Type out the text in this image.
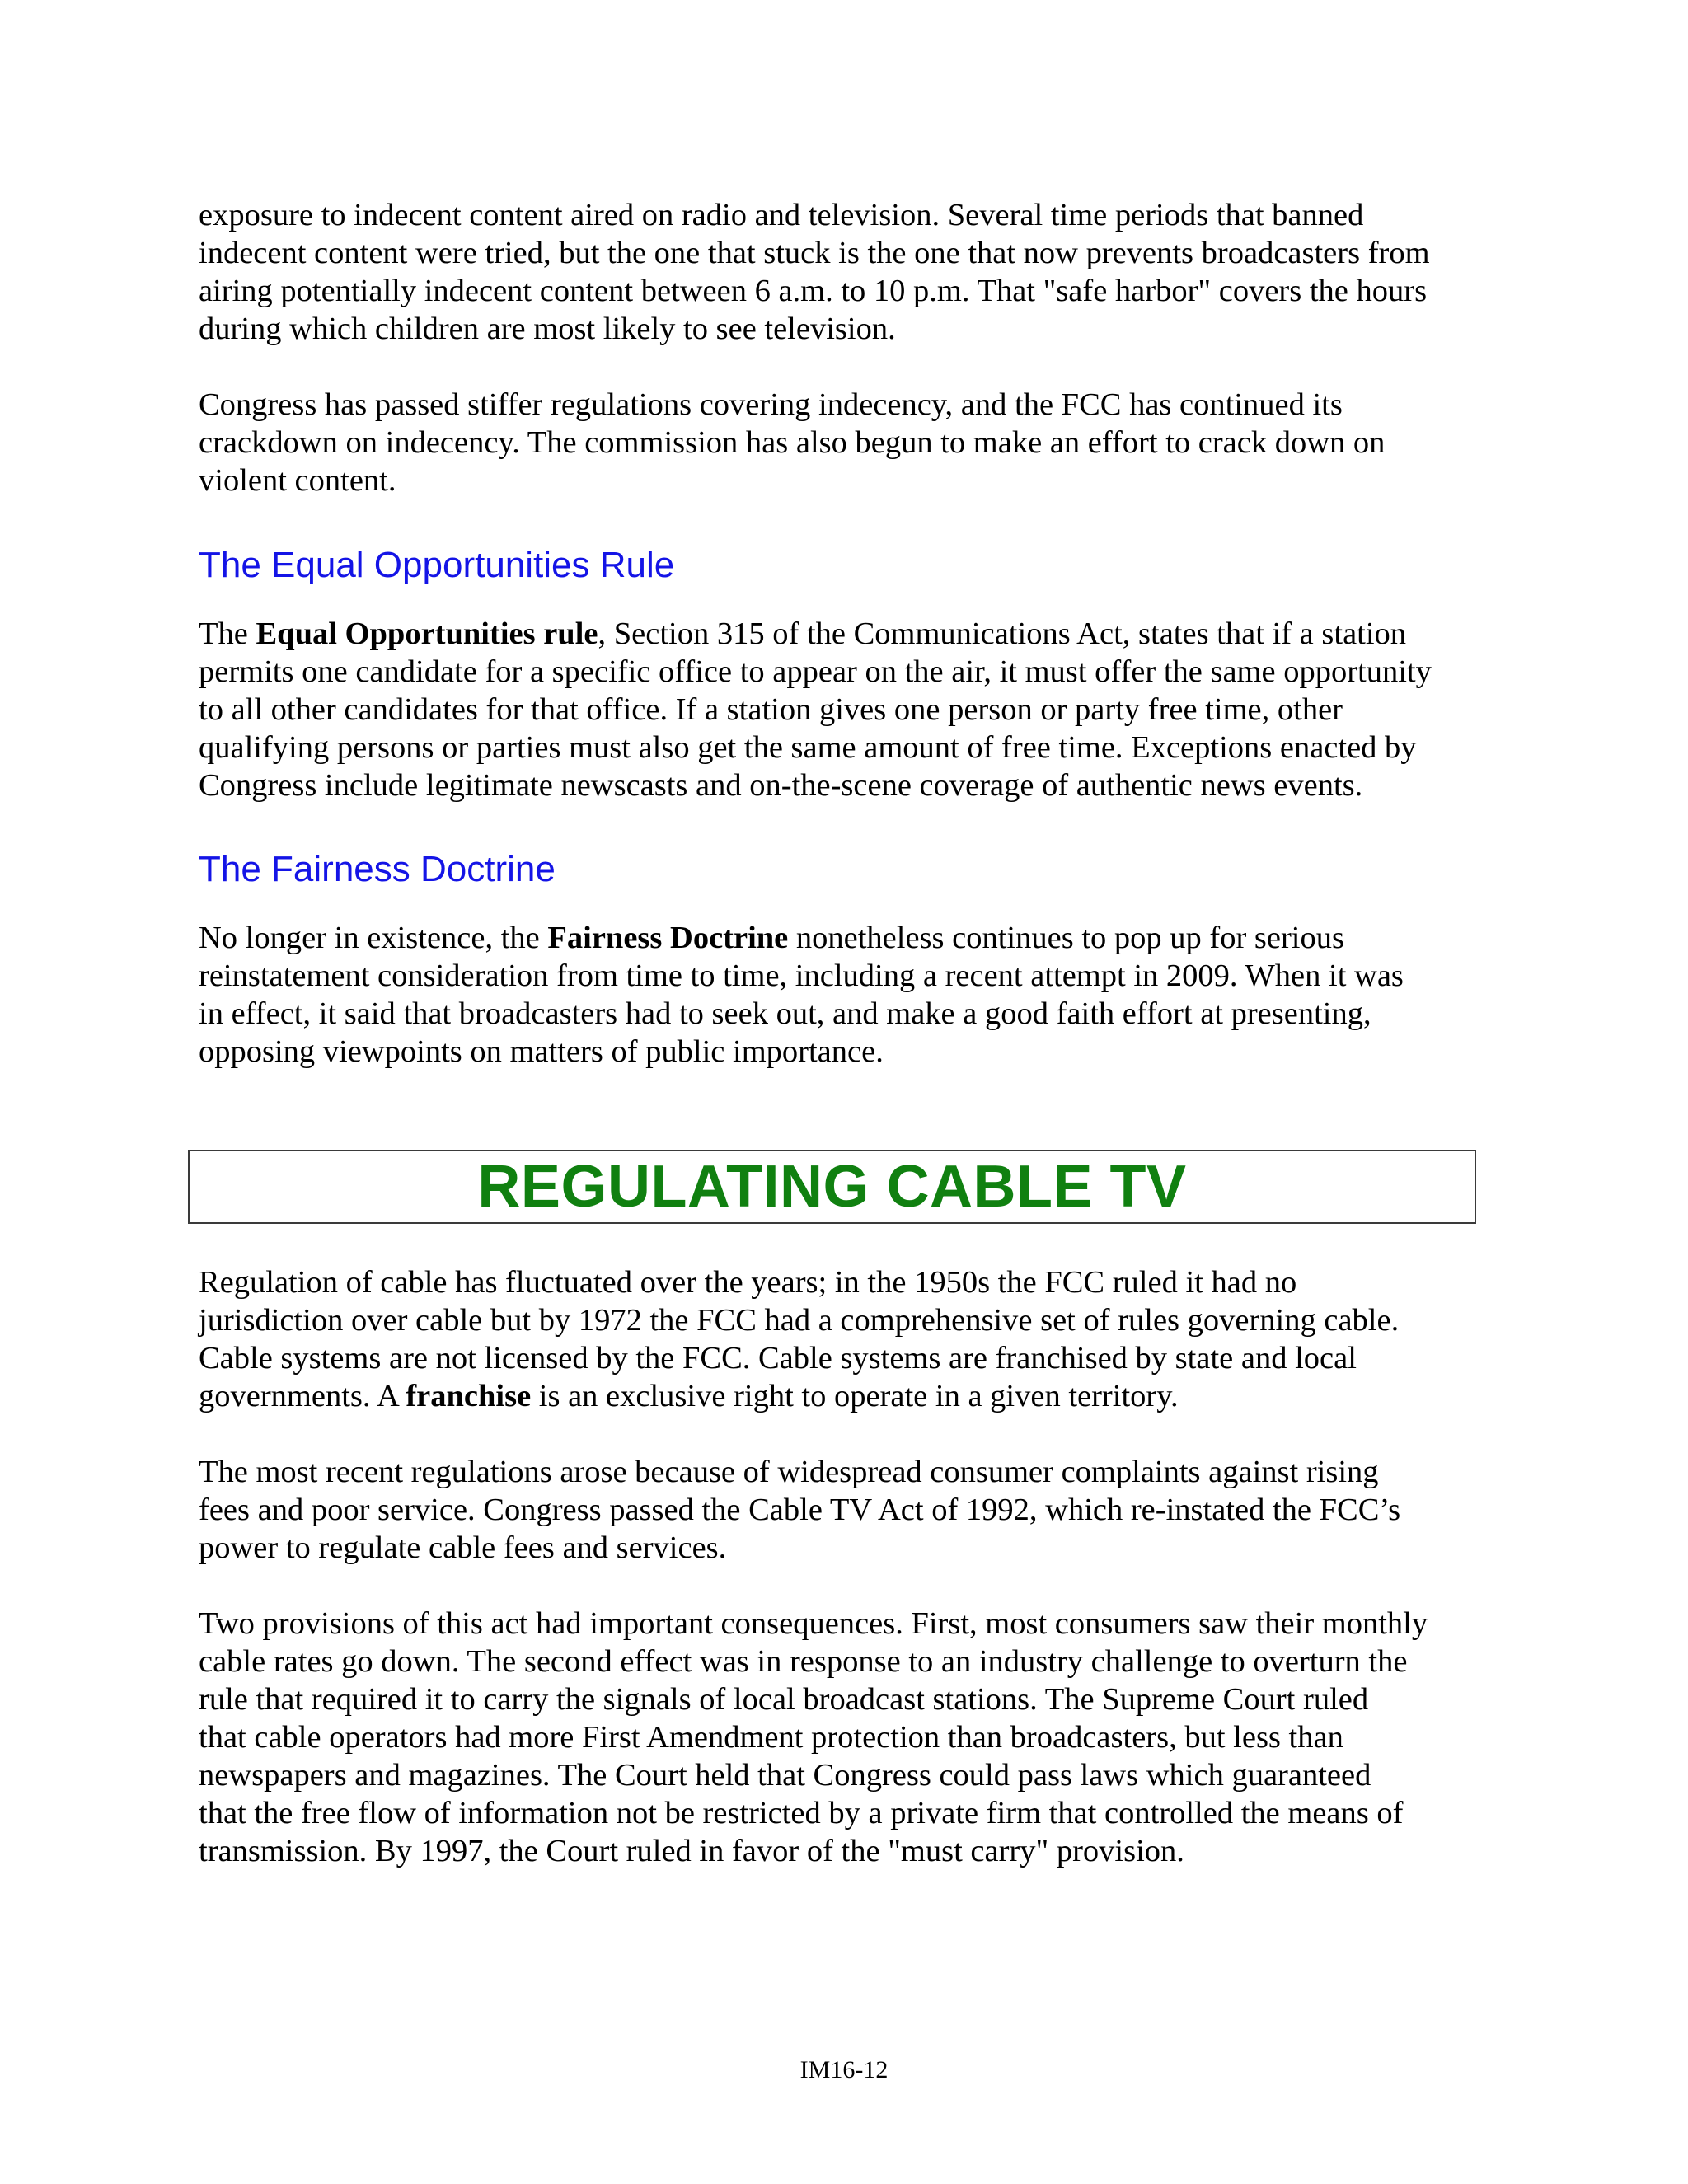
exposure to indecent content aired on radio and television. Several time periods that banned
indecent content were tried, but the one that stuck is the one that now prevents broadcasters from
airing potentially indecent content between 6 a.m. to 10 p.m. That "safe harbor" covers the hours
during which children are most likely to see television.

Congress has passed stiffer regulations covering indecency, and the FCC has continued its
crackdown on indecency. The commission has also begun to make an effort to crack down on
violent content.

The Equal Opportunities Rule

The Equal Opportunities rule, Section 315 of the Communications Act, states that if a station
permits one candidate for a specific office to appear on the air, it must offer the same opportunity
to all other candidates for that office. If a station gives one person or party free time, other
qualifying persons or parties must also get the same amount of free time. Exceptions enacted by
Congress include legitimate newscasts and on-the-scene coverage of authentic news events.

The Fairness Doctrine

No longer in existence, the Fairness Doctrine nonetheless continues to pop up for serious
reinstatement consideration from time to time, including a recent attempt in 2009. When it was
in effect, it said that broadcasters had to seek out, and make a good faith effort at presenting,
opposing viewpoints on matters of public importance.

Regulation of cable has fluctuated over the years; in the 1950s the FCC ruled it had no
jurisdiction over cable but by 1972 the FCC had a comprehensive set of rules governing cable.
Cable systems are not licensed by the FCC. Cable systems are franchised by state and local
governments. A franchise is an exclusive right to operate in a given territory.

The most recent regulations arose because of widespread consumer complaints against rising
fees and poor service. Congress passed the Cable TV Act of 1992, which re-instated the FCC’s
power to regulate cable fees and services.

Two provisions of this act had important consequences. First, most consumers saw their monthly
cable rates go down. The second effect was in response to an industry challenge to overturn the
rule that required it to carry the signals of local broadcast stations. The Supreme Court ruled
that cable operators had more First Amendment protection than broadcasters, but less than
newspapers and magazines. The Court held that Congress could pass laws which guaranteed
that the free flow of information not be restricted by a private firm that controlled the means of
transmission. By 1997, the Court ruled in favor of the "must carry" provision.

REGULATING CABLE TV
IM16-12
